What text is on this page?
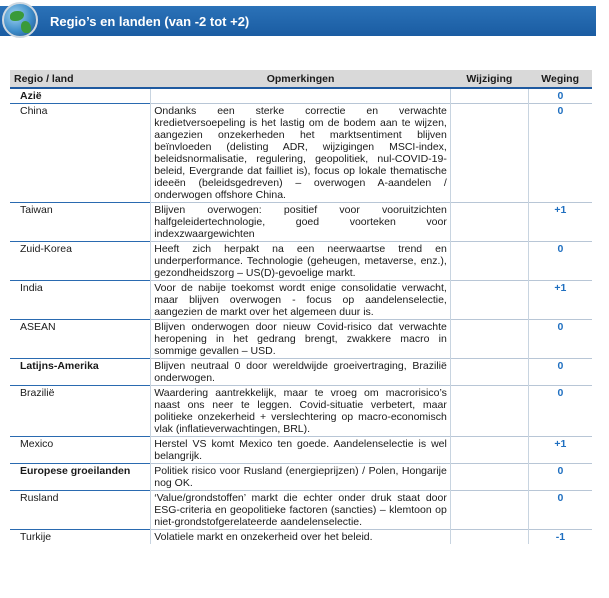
Regio’s en landen (van -2 tot +2)
Regio / land	Opmerkingen	Wijziging	Weging
Azië			0
China	Ondanks een sterke correctie en verwachte kredietversoepeling is het lastig om de bodem aan te wijzen, aangezien onzekerheden het marktsentiment blijven beïnvloeden (delisting ADR, wijzigingen MSCI-index, beleidsnormalisatie, regulering, geopolitiek, nul-COVID-19-beleid, Evergrande dat failliet is), focus op lokale thematische ideeën (beleidsgedreven) – overwogen A-aandelen / onderwogen offshore China.		0
Taiwan	Blijven overwogen: positief voor vooruitzichten halfgeleidertechnologie, goed voorteken voor indexzwaargewichten		+1
Zuid-Korea	Heeft zich herpakt na een neerwaartse trend en underperformance. Technologie (geheugen, metaverse, enz.), gezondheidszorg – US(D)-gevoelige markt.		0
India	Voor de nabije toekomst wordt enige consolidatie verwacht, maar blijven overwogen - focus op aandelenselectie, aangezien de markt over het algemeen duur is.		+1
ASEAN	Blijven onderwogen door nieuw Covid-risico dat verwachte heropening in het gedrang brengt, zwakkere macro in sommige gevallen – USD.		0
Latijns-Amerika	Blijven neutraal 0 door wereldwijde groeivertraging, Brazilië onderwogen.		0
Brazilië	Waardering aantrekkelijk, maar te vroeg om macrorisico’s naast ons neer te leggen. Covid-situatie verbetert, maar politieke onzekerheid + verslechtering op macro-economisch vlak (inflatieverwachtingen, BRL).		0
Mexico	Herstel VS komt Mexico ten goede. Aandelenselectie is wel belangrijk.		+1
Europese groeilanden	Politiek risico voor Rusland (energieprijzen) / Polen, Hongarije nog OK.		0
Rusland	‘Value/grondstoffen’ markt die echter onder druk staat door ESG-criteria en geopolitieke factoren (sancties) – klemtoon op niet-grondstofgerelateerde aandelenselectie.		0
Turkije	Volatiele markt en onzekerheid over het beleid.		-1
